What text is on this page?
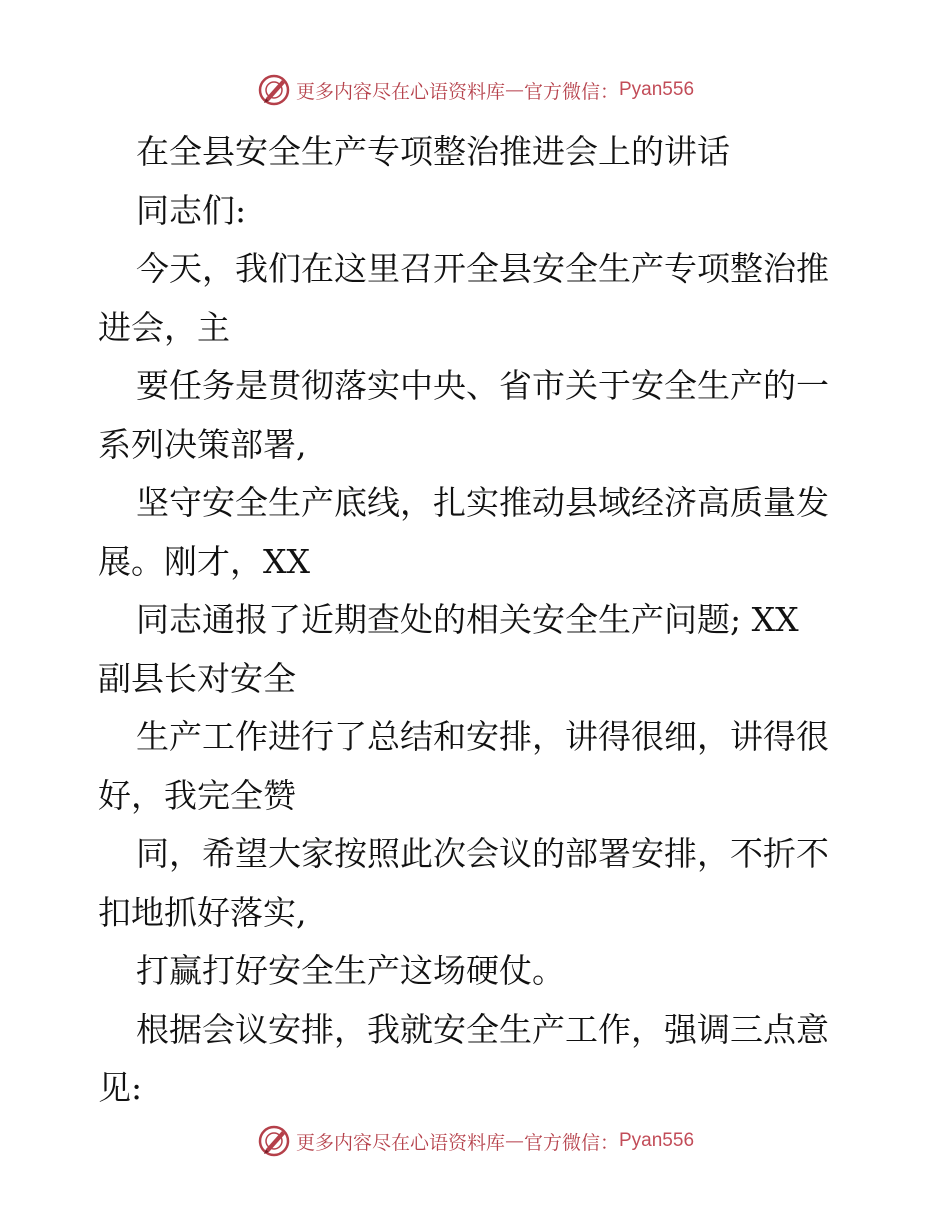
更多内容尽在心语资料库 — 官方微信： Pyan556
在全县安全生产专项整治推进会上的讲话
同志们:
今天，我们在这里召开全县安全生产专项整治推
进会，主
要任务是贯彻落实中央、省市关于安全生产的一
系列决策部署,
坚守安全生产底线，扎实推动县域经济高质量发
展。刚才，XX
同志通报了近期查处的相关安全生产问题; XX
副县长对安全
生产工作进行了总结和安排，讲得很细，讲得很
好，我完全赞
同，希望大家按照此次会议的部署安排，不折不
扣地抓好落实,
打赢打好安全生产这场硬仗。
根据会议安排，我就安全生产工作，强调三点意
见:
更多内容尽在心语资料库 — 官方微信： Pyan556
